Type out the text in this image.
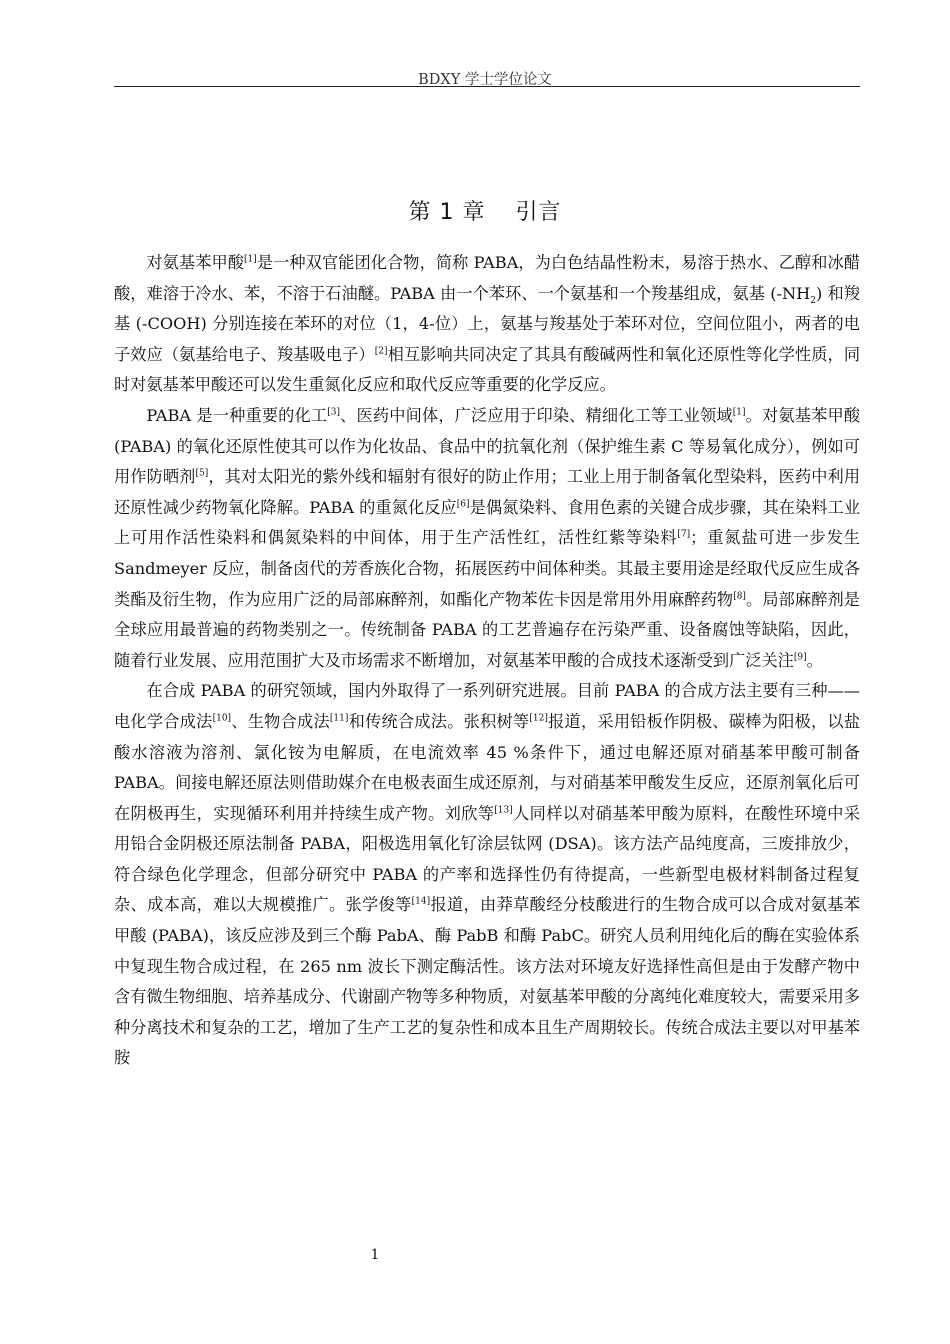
BDXY 学士学位论文
第 1 章 引言

对氨基苯甲酸[1]是一种双官能团化合物，简称 PABA，为白色结晶性粉末，易溶于热水、乙醇和冰醋酸，难溶于冷水、苯，不溶于石油醚。PABA 由一个苯环、一个氨基和一个羧基组成，氨基 $(-NH_2)$ 和羧基 (-COOH) 分别连接在苯环的对位（1，4-位）上，氨基与羧基处于苯环对位，空间位阻小，两者的电子效应（氨基给电子、羧基吸电子）[2]相互影响共同决定了其具有酸碱两性和氧化还原性等化学性质，同时对氨基苯甲酸还可以发生重氮化反应和取代反应等重要的化学反应。

PABA 是一种重要的化工[3]、医药中间体，广泛应用于印染、精细化工等工业领域[1]。对氨基苯甲酸 (PABA) 的氧化还原性使其可以作为化妆品、食品中的抗氧化剂（保护维生素 C 等易氧化成分），例如可用作防晒剂[5]，其对太阳光的紫外线和辐射有很好的防止作用；工业上用于制备氧化型染料，医药中利用还原性减少药物氧化降解。PABA 的重氮化反应[6]是偶氮染料、食用色素的关键合成步骤，其在染料工业上可用作活性染料和偶氮染料的中间体，用于生产活性红，活性红紫等染料[7]；重氮盐可进一步发生 Sandmeyer 反应，制备卤代的芳香族化合物，拓展医药中间体种类。其最主要用途是经取代反应生成各类酯及衍生物，作为应用广泛的局部麻醉剂，如酯化产物苯佐卡因是常用外用麻醉药物[8]。局部麻醉剂是全球应用最普遍的药物类别之一。传统制备 PABA 的工艺普遍存在污染严重、设备腐蚀等缺陷，因此，随着行业发展、应用范围扩大及市场需求不断增加，对氨基苯甲酸的合成技术逐渐受到广泛关注[9]。

在合成 PABA 的研究领域，国内外取得了一系列研究进展。目前 PABA 的合成方法主要有三种——电化学合成法[10]、生物合成法[11]和传统合成法。张积树等[12]报道，采用铅板作阴极、碳棒为阳极，以盐酸水溶液为溶剂、氯化铵为电解质，在电流效率 45 %条件下，通过电解还原对硝基苯甲酸可制备 PABA。间接电解还原法则借助媒介在电极表面生成还原剂，与对硝基苯甲酸发生反应，还原剂氧化后可在阴极再生，实现循环利用并持续生成产物。刘欣等[13]人同样以对硝基苯甲酸为原料，在酸性环境中采用铅合金阴极还原法制备 PABA，阳极选用氧化钌涂层钛网 (DSA)。该方法产品纯度高，三废排放少，符合绿色化学理念，但部分研究中 PABA 的产率和选择性仍有待提高，一些新型电极材料制备过程复杂、成本高，难以大规模推广。张学俊等[14]报道，由莽草酸经分枝酸进行的生物合成可以合成对氨基苯甲酸 (PABA)，该反应涉及到三个酶 PabA、酶 PabB 和酶 PabC。研究人员利用纯化后的酶在实验体系中复现生物合成过程，在 265 nm 波长下测定酶活性。该方法对环境友好选择性高但是由于发酵产物中含有微生物细胞、培养基成分、代谢副产物等多种物质，对氨基苯甲酸的分离纯化难度较大，需要采用多种分离技术和复杂的工艺，增加了生产工艺的复杂性和成本且生产周期较长。传统合成法主要以对甲基苯胺

1
